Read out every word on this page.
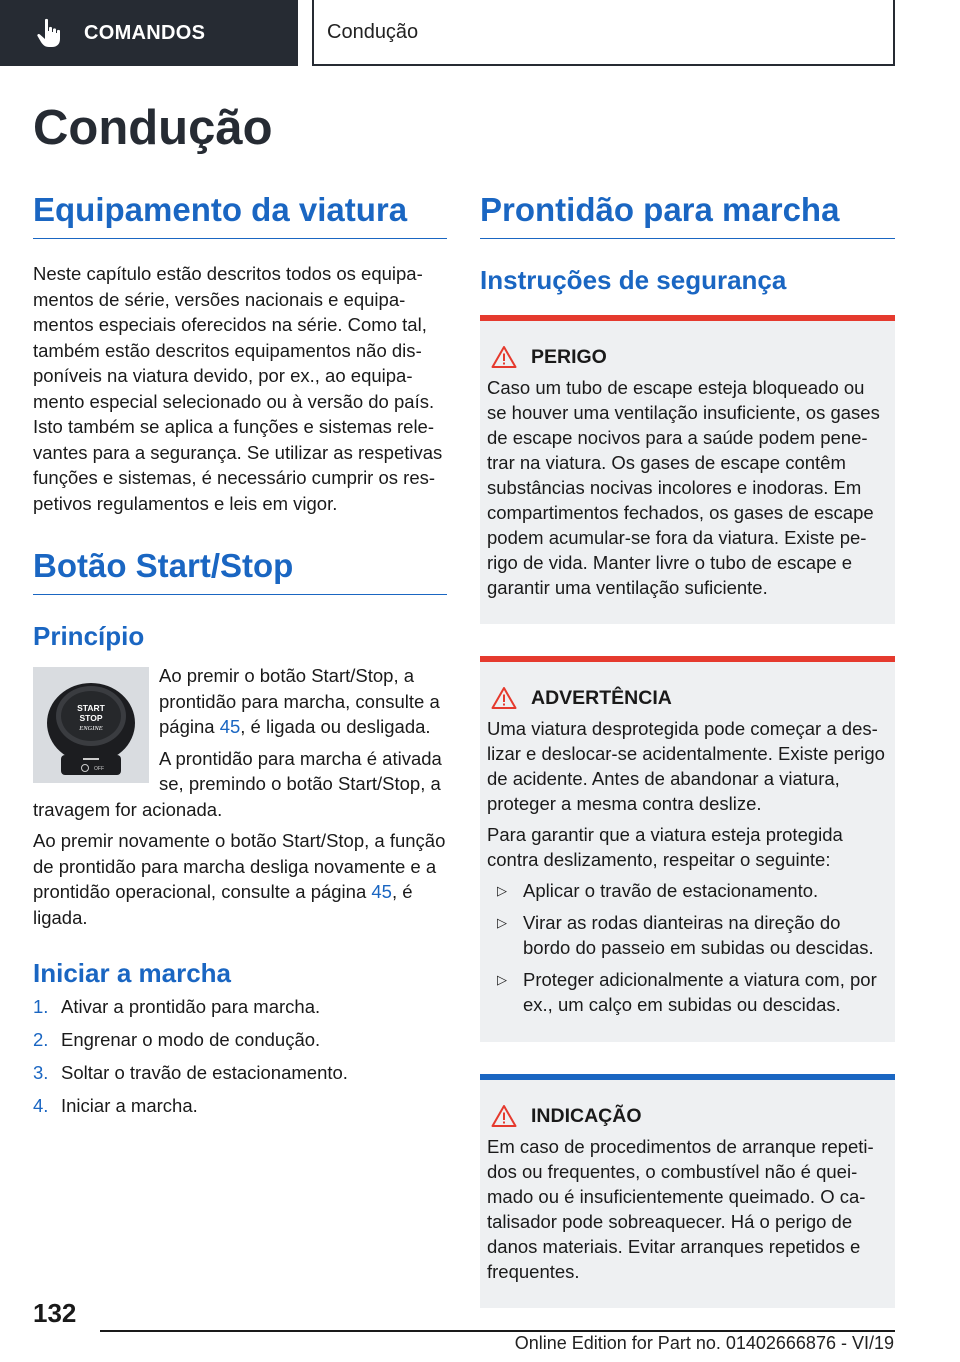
COMANDOS	Condução
Condução
Equipamento da viatura

Neste capítulo estão descritos todos os equipamentos de série, versões nacionais e equipamentos especiais oferecidos na série. Como tal, também estão descritos equipamentos não disponíveis na viatura devido, por ex., ao equipamento especial selecionado ou à versão do país. Isto também se aplica a funções e sistemas relevantes para a segurança. Se utilizar as respetivas funções e sistemas, é necessário cumprir os respetivos regulamentos e leis em vigor.

Botão Start/Stop
Princípio
START
STOP
ENGINE
OFF

Ao premir o botão Start/Stop, a prontidão para marcha, consulte a página 45, é ligada ou desligada.

A prontidão para marcha é ativada se, premindo o botão Start/Stop, a travagem for acionada.

Ao premir novamente o botão Start/Stop, a função de prontidão para marcha desliga novamente e a prontidão operacional, consulte a página 45, é ligada.

Iniciar a marcha
1. Ativar a prontidão para marcha.
2. Engrenar o modo de condução.
3. Soltar o travão de estacionamento.
4. Iniciar a marcha.
Prontidão para marcha
Instruções de segurança
PERIGO

Caso um tubo de escape esteja bloqueado ou se houver uma ventilação insuficiente, os gases de escape nocivos para a saúde podem penetrar na viatura. Os gases de escape contêm substâncias nocivas incolores e inodoras. Em compartimentos fechados, os gases de escape podem acumular-se fora da viatura. Existe perigo de vida. Manter livre o tubo de escape e garantir uma ventilação suficiente.

ADVERTÊNCIA

Uma viatura desprotegida pode começar a deslizar e deslocar-se acidentalmente. Existe perigo de acidente. Antes de abandonar a viatura, proteger a mesma contra deslize.

Para garantir que a viatura esteja protegida contra deslizamento, respeitar o seguinte:

▷ Aplicar o travão de estacionamento.
▷ Virar as rodas dianteiras na direção do bordo do passeio em subidas ou descidas.
▷ Proteger adicionalmente a viatura com, por ex., um calço em subidas ou descidas.
INDICAÇÃO

Em caso de procedimentos de arranque repetidos ou frequentes, o combustível não é queimado ou é insuficientemente queimado. O catalisador pode sobreaquecer. Há o perigo de danos materiais. Evitar arranques repetidos e frequentes.

132
Online Edition for Part no. 01402666876 - VI/19
